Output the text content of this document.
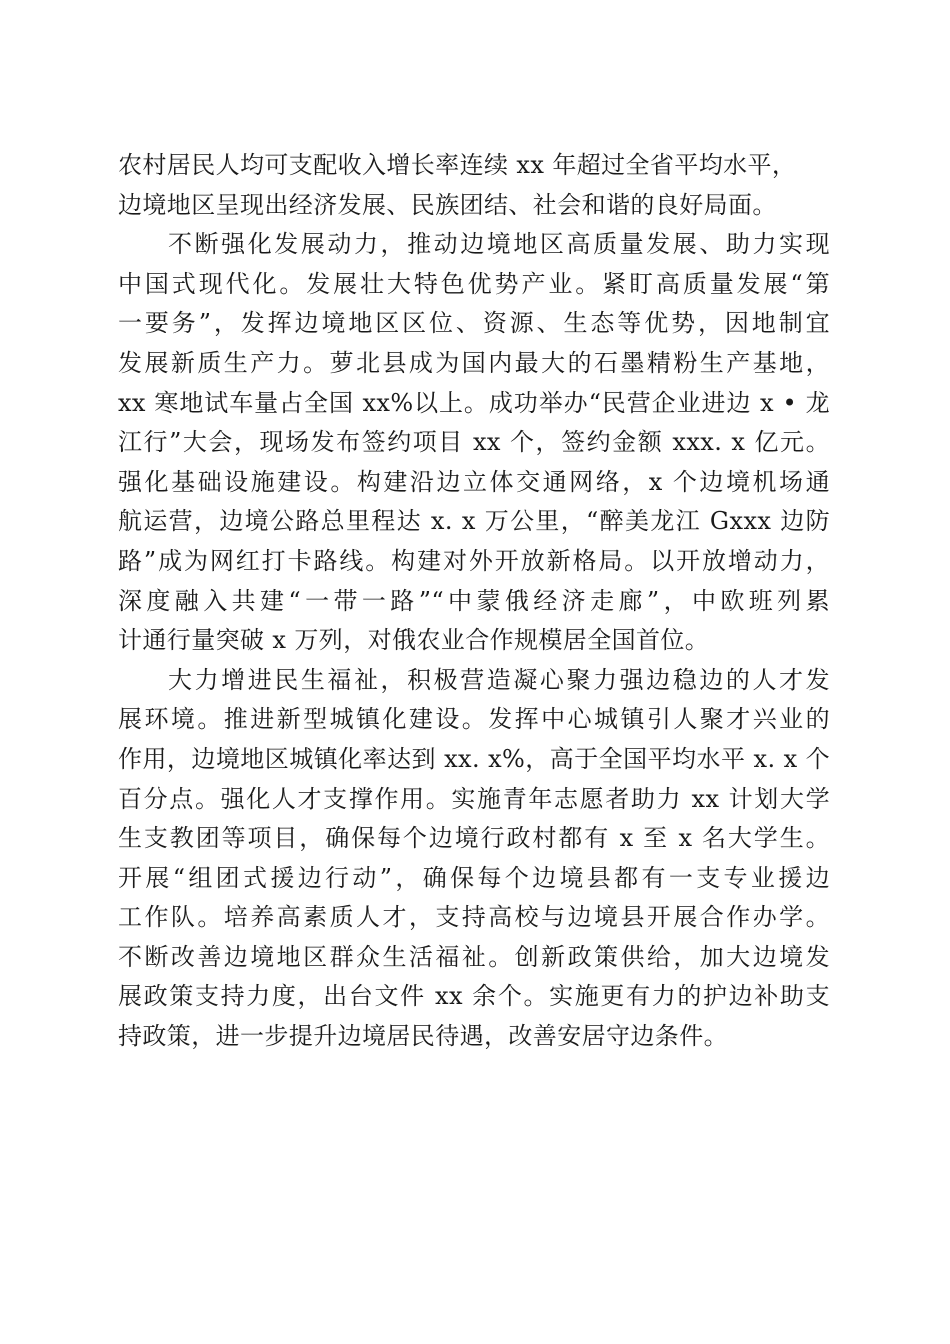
农村居民人均可支配收入增长率连续 xx 年超过全省平均水平，
边境地区呈现出经济发展、民族团结、社会和谐的良好局面。
不断强化发展动力，推动边境地区高质量发展、助力实现
中国式现代化。发展壮大特色优势产业。紧盯高质量发展“第
一要务”，发挥边境地区区位、资源、生态等优势，因地制宜
发展新质生产力。萝北县成为国内最大的石墨精粉生产基地，
xx 寒地试车量占全国 xx%以上。成功举办“民营企业进边 x • 龙
江行”大会，现场发布签约项目 xx 个，签约金额 xxx. x 亿元。
强化基础设施建设。构建沿边立体交通网络，x 个边境机场通
航运营，边境公路总里程达 x. x 万公里，“醉美龙江 Gxxx 边防
路”成为网红打卡路线。构建对外开放新格局。以开放增动力，
深度融入共建“一带一路”“中蒙俄经济走廊”，中欧班列累
计通行量突破 x 万列，对俄农业合作规模居全国首位。
大力增进民生福祉，积极营造凝心聚力强边稳边的人才发
展环境。推进新型城镇化建设。发挥中心城镇引人聚才兴业的
作用，边境地区城镇化率达到 xx. x%，高于全国平均水平 x. x 个
百分点。强化人才支撑作用。实施青年志愿者助力 xx 计划大学
生支教团等项目，确保每个边境行政村都有 x 至 x 名大学生。
开展“组团式援边行动”，确保每个边境县都有一支专业援边
工作队。培养高素质人才，支持高校与边境县开展合作办学。
不断改善边境地区群众生活福祉。创新政策供给，加大边境发
展政策支持力度，出台文件 xx 余个。实施更有力的护边补助支
持政策，进一步提升边境居民待遇，改善安居守边条件。
